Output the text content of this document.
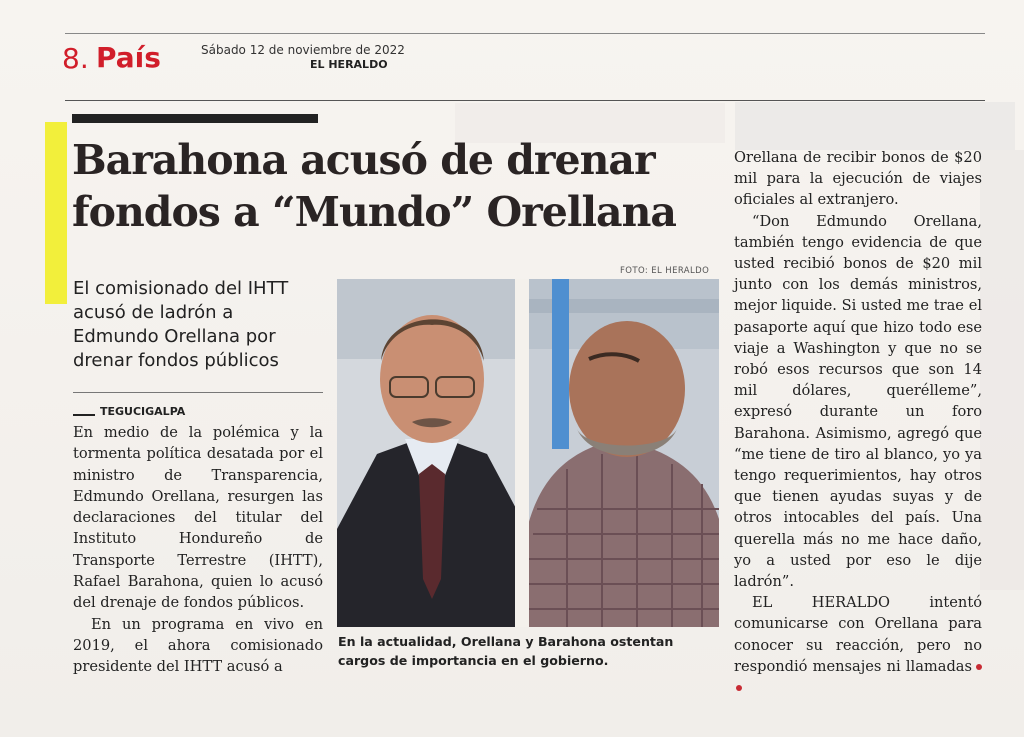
8. País	Sábado 12 de noviembre de 2022
EL HERALDO
Barahona acusó de drenar fondos a “Mundo” Orellana
El comisionado del IHTT acusó de ladrón a Edmundo Orellana por drenar fondos públicos
TEGUCIGALPA

En medio de la polémica y la tormenta política desatada por el ministro de Transparencia, Edmundo Orellana, resurgen las declaraciones del titular del Instituto Hondureño de Transporte Terrestre (IHTT), Rafael Barahona, quien lo acusó del drenaje de fondos públicos.

En un programa en vivo en 2019, el ahora comisionado presidente del IHTT acusó a

FOTO: EL HERALDO
En la actualidad, Orellana y Barahona ostentan cargos de importancia en el gobierno.

Orellana de recibir bonos de $20 mil para la ejecución de viajes oficiales al extranjero.

“Don Edmundo Orellana, también tengo evidencia de que usted recibió bonos de $20 mil junto con los demás ministros, mejor liquide. Si usted me trae el pasaporte aquí que hizo todo ese viaje a Washington y que no se robó esos recursos que son 14 mil dólares, querélleme”, expresó durante un foro Barahona. Asimismo, agregó que “me tiene de tiro al blanco, yo ya tengo requerimientos, hay otros que tienen ayudas suyas y de otros intocables del país. Una querella más no me hace daño, yo a usted por eso le dije ladrón”.

EL HERALDO intentó comunicarse con Orellana para conocer su reacción, pero no respondió mensajes ni llamadas
